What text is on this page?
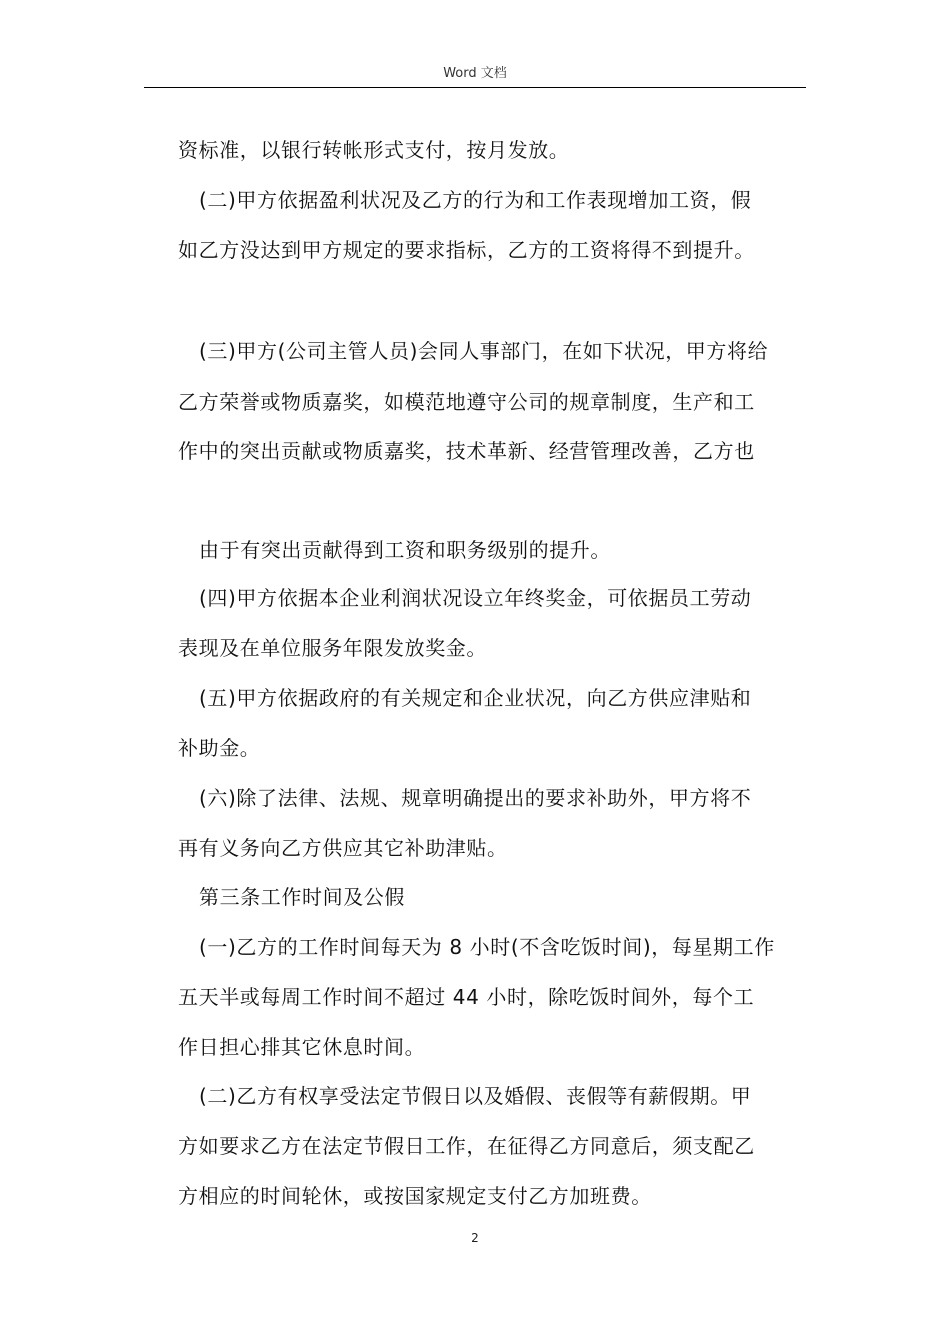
Word 文档
资标准，以银行转帐形式支付，按月发放。
(二)甲方依据盈利状况及乙方的行为和工作表现增加工资，假
如乙方没达到甲方规定的要求指标，乙方的工资将得不到提升。
(三)甲方(公司主管人员)会同人事部门，在如下状况，甲方将给
乙方荣誉或物质嘉奖，如模范地遵守公司的规章制度，生产和工
作中的突出贡献或物质嘉奖，技术革新、经营管理改善，乙方也
由于有突出贡献得到工资和职务级别的提升。
(四)甲方依据本企业利润状况设立年终奖金，可依据员工劳动
表现及在单位服务年限发放奖金。
(五)甲方依据政府的有关规定和企业状况，向乙方供应津贴和
补助金。
(六)除了法律、法规、规章明确提出的要求补助外，甲方将不
再有义务向乙方供应其它补助津贴。
第三条工作时间及公假
(一)乙方的工作时间每天为 8 小时(不含吃饭时间)，每星期工作
五天半或每周工作时间不超过 44 小时，除吃饭时间外，每个工
作日担心排其它休息时间。
(二)乙方有权享受法定节假日以及婚假、丧假等有薪假期。甲
方如要求乙方在法定节假日工作，在征得乙方同意后，须支配乙
方相应的时间轮休，或按国家规定支付乙方加班费。
2
